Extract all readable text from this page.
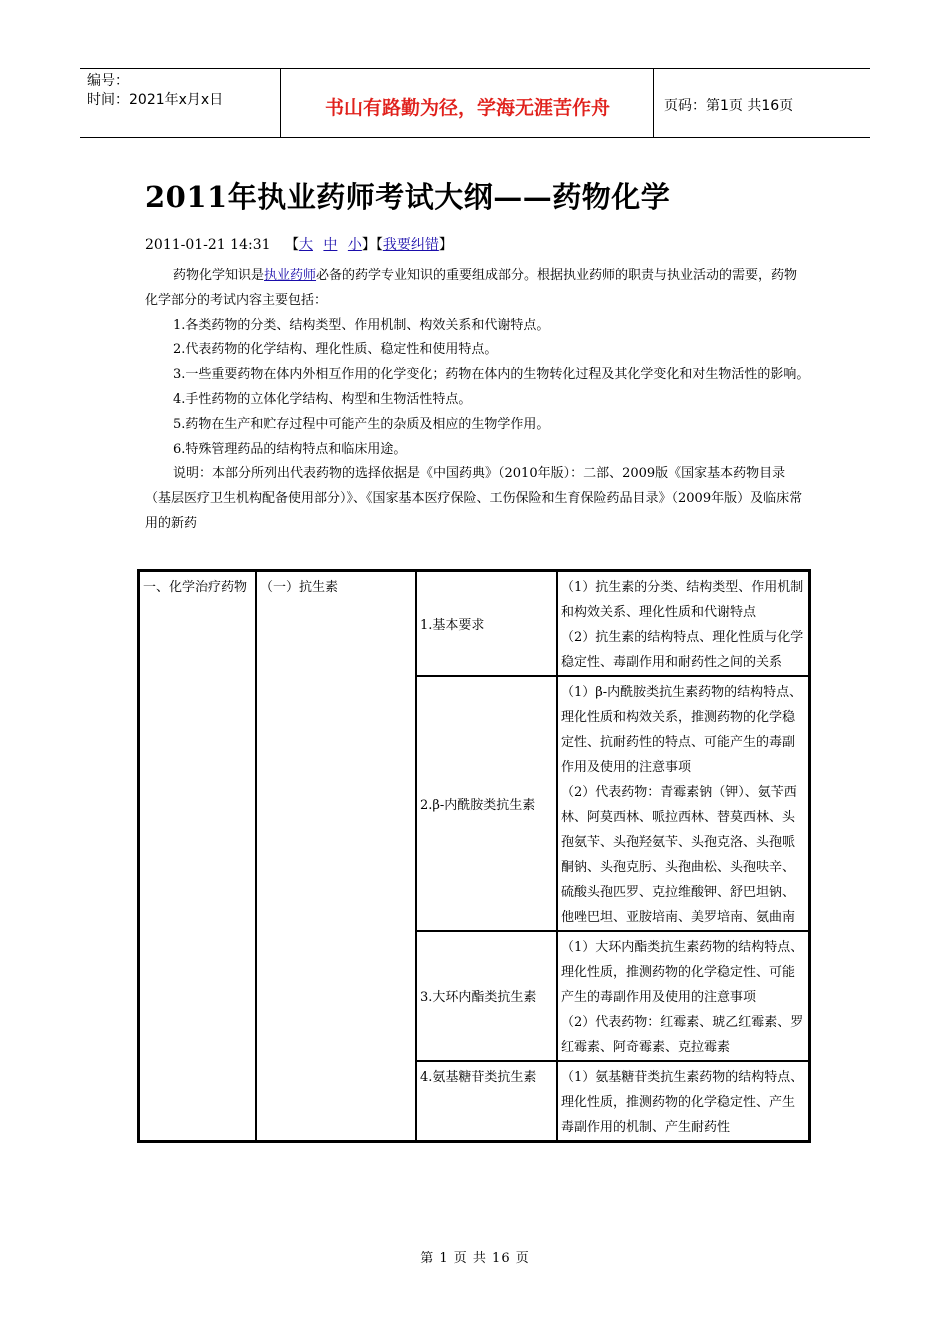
编号：
时间：2021年x月x日	书山有路勤为径，学海无涯苦作舟	页码：第1页 共16页
2011年执业药师考试大纲——药物化学
2011-01-21 14:31 【大 中 小】【我要纠错】

药物化学知识是执业药师必备的药学专业知识的重要组成部分。根据执业药师的职责与执业活动的需要，药物化学部分的考试内容主要包括：

1.各类药物的分类、结构类型、作用机制、构效关系和代谢特点。

2.代表药物的化学结构、理化性质、稳定性和使用特点。

3.一些重要药物在体内外相互作用的化学变化；药物在体内的生物转化过程及其化学变化和对生物活性的影响。

4.手性药物的立体化学结构、构型和生物活性特点。

5.药物在生产和贮存过程中可能产生的杂质及相应的生物学作用。

6.特殊管理药品的结构特点和临床用途。

说明：本部分所列出代表药物的选择依据是《中国药典》（2010年版）：二部、2009版《国家基本药物目录（基层医疗卫生机构配备使用部分）》、《国家基本医疗保险、工伤保险和生育保险药品目录》（2009年版）及临床常用的新药

一、化学治疗药物	（一）抗生素	1.基本要求	（1）抗生素的分类、结构类型、作用机制和构效关系、理化性质和代谢特点
（2）抗生素的结构特点、理化性质与化学稳定性、毒副作用和耐药性之间的关系

		2.β-内酰胺类抗生素	（1）β-内酰胺类抗生素药物的结构特点、理化性质和构效关系，推测药物的化学稳定性、抗耐药性的特点、可能产生的毒副作用及使用的注意事项
（2）代表药物：青霉素钠（钾）、氨苄西林、阿莫西林、哌拉西林、替莫西林、头孢氨苄、头孢羟氨苄、头孢克洛、头孢哌酮钠、头孢克肟、头孢曲松、头孢呋辛、硫酸头孢匹罗、克拉维酸钾、舒巴坦钠、他唑巴坦、亚胺培南、美罗培南、氨曲南

		3.大环内酯类抗生素	（1）大环内酯类抗生素药物的结构特点、理化性质，推测药物的化学稳定性、可能产生的毒副作用及使用的注意事项
（2）代表药物：红霉素、琥乙红霉素、罗红霉素、阿奇霉素、克拉霉素

		4.氨基糖苷类抗生素	（1）氨基糖苷类抗生素药物的结构特点、理化性质，推测药物的化学稳定性、产生毒副作用的机制、产生耐药性
第 1 页 共 16 页
